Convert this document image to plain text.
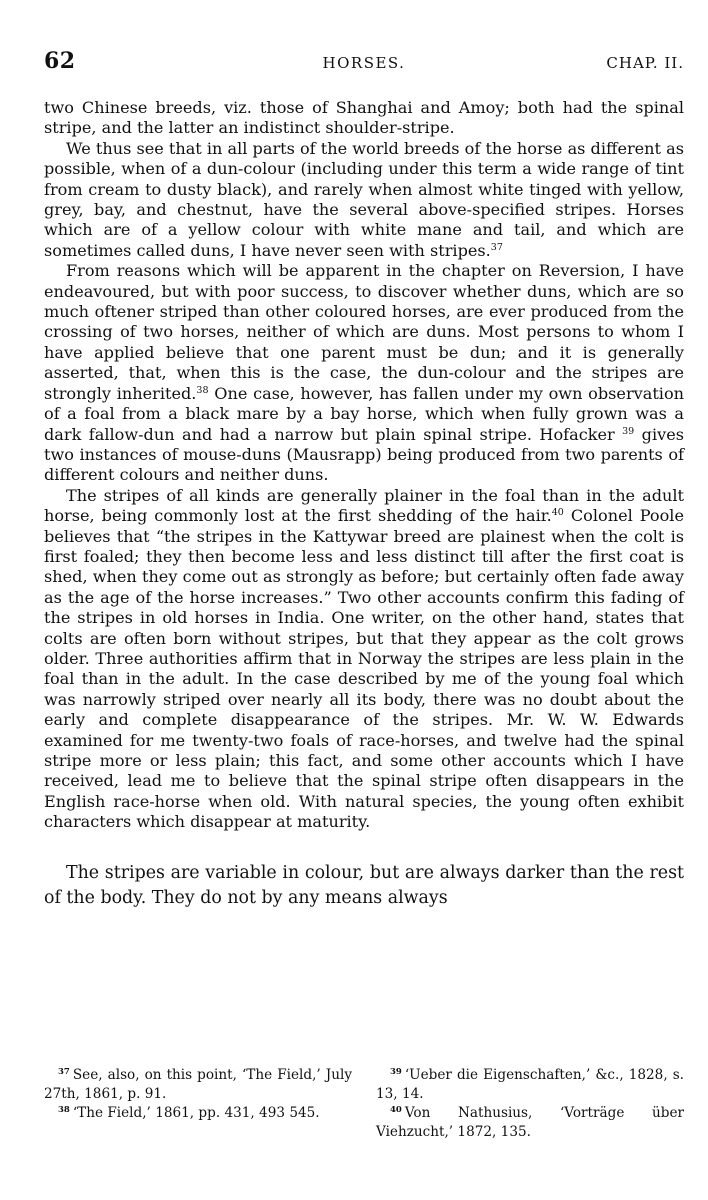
62	HORSES.	CHAP. II.

two Chinese breeds, viz. those of Shanghai and Amoy; both had the spinal stripe, and the latter an indistinct shoulder-stripe.

We thus see that in all parts of the world breeds of the horse as different as possible, when of a dun-colour (including under this term a wide range of tint from cream to dusty black), and rarely when almost white tinged with yellow, grey, bay, and chestnut, have the several above-specified stripes. Horses which are of a yellow colour with white mane and tail, and which are sometimes called duns, I have never seen with stripes.$^{37}$

From reasons which will be apparent in the chapter on Reversion, I have endeavoured, but with poor success, to discover whether duns, which are so much oftener striped than other coloured horses, are ever produced from the crossing of two horses, neither of which are duns. Most persons to whom I have applied believe that one parent must be dun; and it is generally asserted, that, when this is the case, the dun-colour and the stripes are strongly inherited.$^{38}$ One case, however, has fallen under my own observation of a foal from a black mare by a bay horse, which when fully grown was a dark fallow-dun and had a narrow but plain spinal stripe. Hofacker $^{39}$ gives two instances of mouse-duns (Mausrapp) being produced from two parents of different colours and neither duns.

The stripes of all kinds are generally plainer in the foal than in the adult horse, being commonly lost at the first shedding of the hair.$^{40}$ Colonel Poole believes that “the stripes in the Kattywar breed are plainest when the colt is first foaled; they then become less and less distinct till after the first coat is shed, when they come out as strongly as before; but certainly often fade away as the age of the horse increases.” Two other accounts confirm this fading of the stripes in old horses in India. One writer, on the other hand, states that colts are often born without stripes, but that they appear as the colt grows older. Three authorities affirm that in Norway the stripes are less plain in the foal than in the adult. In the case described by me of the young foal which was narrowly striped over nearly all its body, there was no doubt about the early and complete disappearance of the stripes. Mr. W. W. Edwards examined for me twenty-two foals of race-horses, and twelve had the spinal stripe more or less plain; this fact, and some other accounts which I have received, lead me to believe that the spinal stripe often disappears in the English race-horse when old. With natural species, the young often exhibit characters which disappear at maturity.

The stripes are variable in colour, but are always darker than the rest of the body. They do not by any means always

$^{37}$ See, also, on this point, ‘The Field,’ July 27th, 1861, p. 91.

$^{38}$ ‘The Field,’ 1861, pp. 431, 493 545.

$^{39}$ ‘Ueber die Eigenschaften,’ &c., 1828, s. 13, 14.

$^{40}$ Von Nathusius, ‘Vorträge über Viehzucht,’ 1872, 135.
